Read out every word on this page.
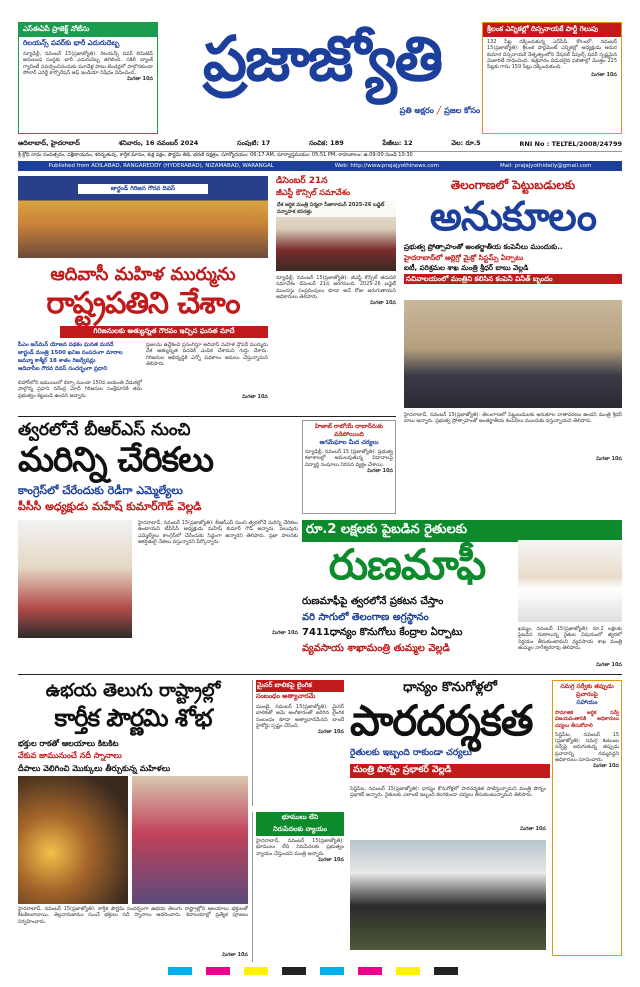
ఎస్‌ఈఏసీ ప్రాజెక్ట్ నోటీసు
రిలయన్స్ పవర్‌కు భారీ ఎదురుదెబ్బ
న్యూఢిల్లీ, నవంబర్‌ 15(ప్రజాజ్యోతి): రిలయన్స్ పవర్ లిమిటెడ్ అనుబంధ సంస్థకు భారీ ఎదురుదెబ్బ తగిలింది. నకిలీ బ్యాంక్ గ్యారెంటీ సమర్పించినందుకు మూడేళ్ల పాటు టెండర్లలో పాల్గొనకుండా సోలార్ ఎనర్జీ కార్పొరేషన్ ఆఫ్ ఇండియా నిషేధం విధించింది.
మిగతా 10వ ప్రజాజ్యోతి
ప్రతి అక్షరం ╱ ప్రజల కోసం
శ్రీలంక ఎన్నికల్లో దిస్సనాయకే పార్టీ గెలుపు
132 సీట్ల దక్కించుకున్న ఎన్‌పీపీ. కొలంబో, నవంబర్‌ 15(ప్రజాజ్యోతి): శ్రీలంక పార్లమెంట్‌ ఎన్నికల్లో అధ్యక్షుడు అనుర కుమార దిస్సనాయకే నేతృత్వంలోని నేషనల్‌ పీపుల్స్‌ పవర్‌ స్పష్టమైన మెజారిటీ సాధించింది. శుక్రవారం విడుదలైన ఫలితాల్లో మొత్తం 225 సీట్లకు గాను 159 సీట్లు దక్కించుకుంది.
మిగతా 10వ
ఆదిలాబాద్, హైదరాబాద్	శనివారం, 16 నవంబర్ 2024	సంపుటి: 17	సంచిక: 189	పేజీలు: 12	వెల: రూ.5	RNI No : TELTEL/2008/24799
శ్రీ క్రోధి నామ సంవత్సరం, దక్షిణాయనం, శరదృతువు, కార్తీక మాసం, శుక్ల పక్షం, పౌర్ణమి తిథి, భరణి నక్షత్రం, సూర్యోదయం: 06:17 AM, సూర్యాస్తమయం: 05:51 PM, రాహుకాలం: ఉ.09:00 నుండి 10:30
Published from ADILABAD, RANGAREDDY (HYDERABAD), NIZAMABAD, WARANGAL	Web: http://www.prajajyothinews.com	Mail: prajajyothidaily@gmail.com
జార్ఖండ్‌ గిరిజన గౌరవ దివస్‌
ఆదివాసీ మహిళ ముర్మును
రాష్ట్రపతిని చేశాం
గిరిజనులకు అత్యున్నత గౌరవం ఇచ్చిన ఘనత మాదే

పీఎం జన్‌మన్‌ యోజన పథకం ఘనత మనదే

జార్ఖండ్‌ మంత్రి 1500 ఖనిజ సంపదంగా మారాల

జమ్మూ కాశ్మీర్‌ 18 శాతం రిజర్వేషన్లు

ఆదివాసీల గౌరవ దివస్‌ సందర్భంగా ప్రధాని

బిహార్‌లోని జముయిలో బిర్సా ముండా 150వ జయంతి వేడుకల్లో పాల్గొన్న ప్రధాని నరేంద్ర మోదీ గిరిజనుల సంక్షేమానికి తమ ప్రభుత్వం కట్టుబడి ఉందని అన్నారు.
ప్రజలను ఉద్దేశించి ప్రసంగిస్తూ ఆదివాసీ మహిళ ద్రౌపదీ ముర్మును దేశ అత్యున్నత పదవికి ఎంపిక చేశామని గుర్తు చేశారు. గిరిజనుల అభివృద్ధికి ఎన్నో పథకాలు అమలు చేస్తున్నామని తెలిపారు.
మిగతా 10వ
డిసెంబర్‌ 21న
జీఎస్టీ కౌన్సిల్‌ సమావేశం
దేశ ఆర్థిక మంత్రి నిర్మలా సీతారామన్ 2025-26 బడ్జెట్‌ సన్నాహక కసరత్తు
న్యూఢిల్లీ, నవంబర్‌ 15(ప్రజాజ్యోతి): జీఎస్టీ కౌన్సిల్‌ తదుపరి సమావేశం డిసెంబర్‌ 21న జరగనుంది. 2025-26 బడ్జెట్‌ ముందస్తు సంప్రదింపులు కూడా అదే రోజు జరుగుతాయని అధికారులు తెలిపారు.
మిగతా 10వ
తెలంగాణలో పెట్టుబడులకు
అనుకూలం
ప్రభుత్వ ప్రోత్సాహంతో అంతర్జాతీయ కంపెనీలు ముందుకు..
హైదరాబాద్‌లో అల్లెగ్రో మైక్రో సిస్టమ్స్‌ ఏర్పాటు
ఐటీ, పరిశ్రమల శాఖ మంత్రి శ్రీధర్‌ బాబు వెల్లడి
సచివాలయంలో మంత్రిని కలిసిన కంపెనీ వినీత్‌ బృందం
హైదరాబాద్, నవంబర్‌ 15(ప్రజాజ్యోతి): తెలంగాణలో పెట్టుబడులకు అనుకూల వాతావరణం ఉందని మంత్రి శ్రీధర్‌ బాబు అన్నారు. ప్రభుత్వ ప్రోత్సాహంతో అంతర్జాతీయ కంపెనీలు ముందుకు వస్తున్నాయని తెలిపారు.
మిగతా 10వ
త్వరలోనే బీఆర్‌ఎస్ నుంచి
మరిన్ని చేరికలు
కాంగ్రెస్‌లో చేరేందుకు రెడీగా ఎమ్మెల్యేలు
పీసీసీ అధ్యక్షుడు మహేష్‌ కుమార్‌గౌడ్‌ వెల్లడి
హైదరాబాద్, నవంబర్‌ 15(ప్రజాజ్యోతి): బీఆర్‌ఎస్‌ నుంచి త్వరలోనే మరిన్ని చేరికలు ఉంటాయని టీపీసీసీ అధ్యక్షుడు మహేష్‌ కుమార్‌ గౌడ్‌ అన్నారు. పలువురు ఎమ్మెల్యేలు కాంగ్రెస్‌లో చేరేందుకు సిద్ధంగా ఉన్నారని తెలిపారు. ప్రజా పాలనకు ఆకర్షితులై నేతలు వస్తున్నారని పేర్కొన్నారు.
మిగతా 10వ
హిజాబ్ రాబోయే దాబార్‌నుకు వడిపోయింది
ఆగమేఘాల మీద చర్యలు
న్యూఢిల్లీ, నవంబర్‌ 15 (ప్రజాజ్యోతి): ప్రభుత్వ కళాశాలల్లో అమలవుతున్న విధానాలపై విద్యార్థి సంఘాలు నిరసన వ్యక్తం చేశాయి.
మిగతా 10వ
రూ.2 లక్షలకు పైబడిన రైతులకు
రుణమాఫీ
రుణమాఫీపై త్వరలోనే ప్రకటన చేస్తాం
వరి సాగులో తెలంగాణ అగ్రస్థానం
7411ధాన్యం కొనుగోలు కేంద్రాల ఏర్పాటు
వ్యవసాయ శాఖామంత్రి తుమ్మల వెల్లడి
ఖమ్మం, నవంబర్‌ 15(ప్రజాజ్యోతి): రూ.2 లక్షలకు పైబడిన రుణాలున్న రైతుల విషయంలో త్వరలో నిర్ణయం తీసుకుంటామని వ్యవసాయ శాఖ మంత్రి తుమ్మల నాగేశ్వరరావు తెలిపారు.
మిగతా 10వ
ఉభయ తెలుగు రాష్ట్రాల్లో
కార్తీక పౌర్ణమి శోభ
భక్తుల రాకతో ఆలయాలు కిటకిట
వేకువ జామునుంచే నదీ స్నానాలు
దీపాలు వెలిగించి మొక్కులు తీర్చుకున్న మహిళలు
హైదరాబాద్, నవంబర్‌ 15(ప్రజాజ్యోతి): కార్తీక పౌర్ణమి సందర్భంగా ఉభయ తెలుగు రాష్ట్రాల్లోని ఆలయాలు భక్తులతో కిటకిటలాడాయి. తెల్లవారుజాము నుంచే భక్తులు నదీ స్నానాలు ఆచరించారు. శివాలయాల్లో ప్రత్యేక పూజలు నిర్వహించారు.
మిగతా 10వ
మైనర్ బాలికపై లైంగిక
సంబంధం అత్యాచారమే
ముంబై, నవంబర్‌ 15(ప్రజాజ్యోతి): మైనర్‌ బాలికతో ఆమె అంగీకారంతో జరిగిన లైంగిక సంబంధం కూడా అత్యాచారమేనని బాంబే హైకోర్టు స్పష్టం చేసింది.
మిగతా 10వ
భూములు లేని
నిరుపేదలకు న్యాయం
హైదరాబాద్, నవంబర్‌ 15(ప్రజాజ్యోతి): భూములు లేని నిరుపేదలకు ప్రభుత్వం న్యాయం చేస్తుందని మంత్రి అన్నారు.
మిగతా 10వ
ధాన్యం కొనుగోళ్లలో
పారదర్శకత
రైతులకు ఇబ్బంది రాకుండా చర్యలు
మంత్రి పొన్నం ప్రభాకర్‌ వెల్లడి
సిద్దిపేట, నవంబర్‌ 15(ప్రజాజ్యోతి): ధాన్యం కొనుగోళ్లలో పారదర్శకత పాటిస్తున్నామని మంత్రి పొన్నం ప్రభాకర్‌ అన్నారు. రైతులకు ఎలాంటి ఇబ్బంది కలగకుండా చర్యలు తీసుకుంటున్నామని తెలిపారు.
మిగతా 10వ
సమగ్ర సర్వేకు తప్పుడు ప్రచారంపై
సహాయం
సామాజిక ఆర్థిక సర్వే విజయవంతానికి అధికారులు చర్యలు తీసుకోవాలి
సిద్దిపేట, నవంబర్‌ 15 (ప్రజాజ్యోతి): సమగ్ర కుటుంబ సర్వేపై జరుగుతున్న తప్పుడు ప్రచారాన్ని నమ్మవద్దని అధికారులు సూచించారు.
మిగతా 10వ
